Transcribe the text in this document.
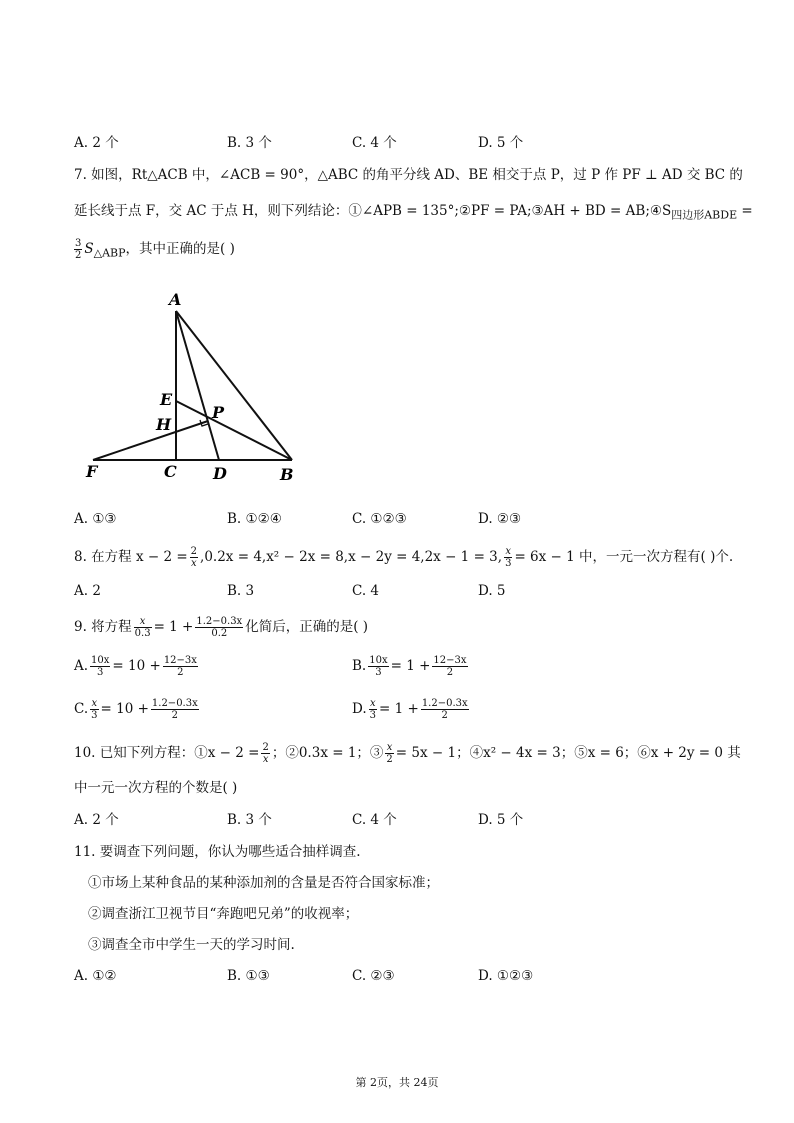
A. 2 个	B. 3 个	C. 4 个	D. 5 个
7. 如图，Rt△ACB 中，∠ACB = 90°，△ABC 的角平分线 AD、BE 相交于点 P，过 P 作 PF ⊥ AD 交 BC 的
延长线于点 F，交 AC 于点 H，则下列结论：①∠APB = 135°;②PF = PA;③AH + BD = $AB;④S_{四边形ABDE}$ =
$\frac{3}{2} S_{\triangle ABP}$，其中正确的是( )
A
E
H
P
F	C D	B
A. ①③	B. ①②④	C. ①②③	D. ②③
8. 在方程 $x - 2 = \frac{2}{x} ,0.2x = 4,x^2 - 2x = 8,x - 2y = 4,2x - 1 = 3$, $\frac{x}{3} = 6x - 1$ 中，一元一次方程有( )个.
A. 2	B. 3	C. 4	D. 5
9. 将方程 $\frac{x}{0.3} = 1 + \frac{1.2-0.3x}{0.2}$ 化简后，正确的是( )
A. $\frac{10x}{3} = 10 + \frac{12-3x}{2}$	B. $\frac{10x}{3} = 1 + \frac{12-3x}{2}$
C. $\frac{x}{3} = 10 + \frac{1.2-0.3x}{2}$	D. $\frac{x}{3} = 1 + \frac{1.2-0.3x}{2}$
10. 已知下列方程：①x − $2 = \frac{2}{x}$ ；②0.3x = 1；③ $\frac{x}{2} = 5x - 1$；④x² − 4x = 3；⑤x = 6；⑥x + 2y = 0 其
中一元一次方程的个数是( )
A. 2 个	B. 3 个	C. 4 个	D. 5 个
11. 要调查下列问题，你认为哪些适合抽样调查.
①市场上某种食品的某种添加剂的含量是否符合国家标准；
②调查浙江卫视节目“奔跑吧兄弟”的收视率；
③调查全市中学生一天的学习时间.
A. ①②	B. ①③	C. ②③	D. ①②③
第 2页，共 24页
